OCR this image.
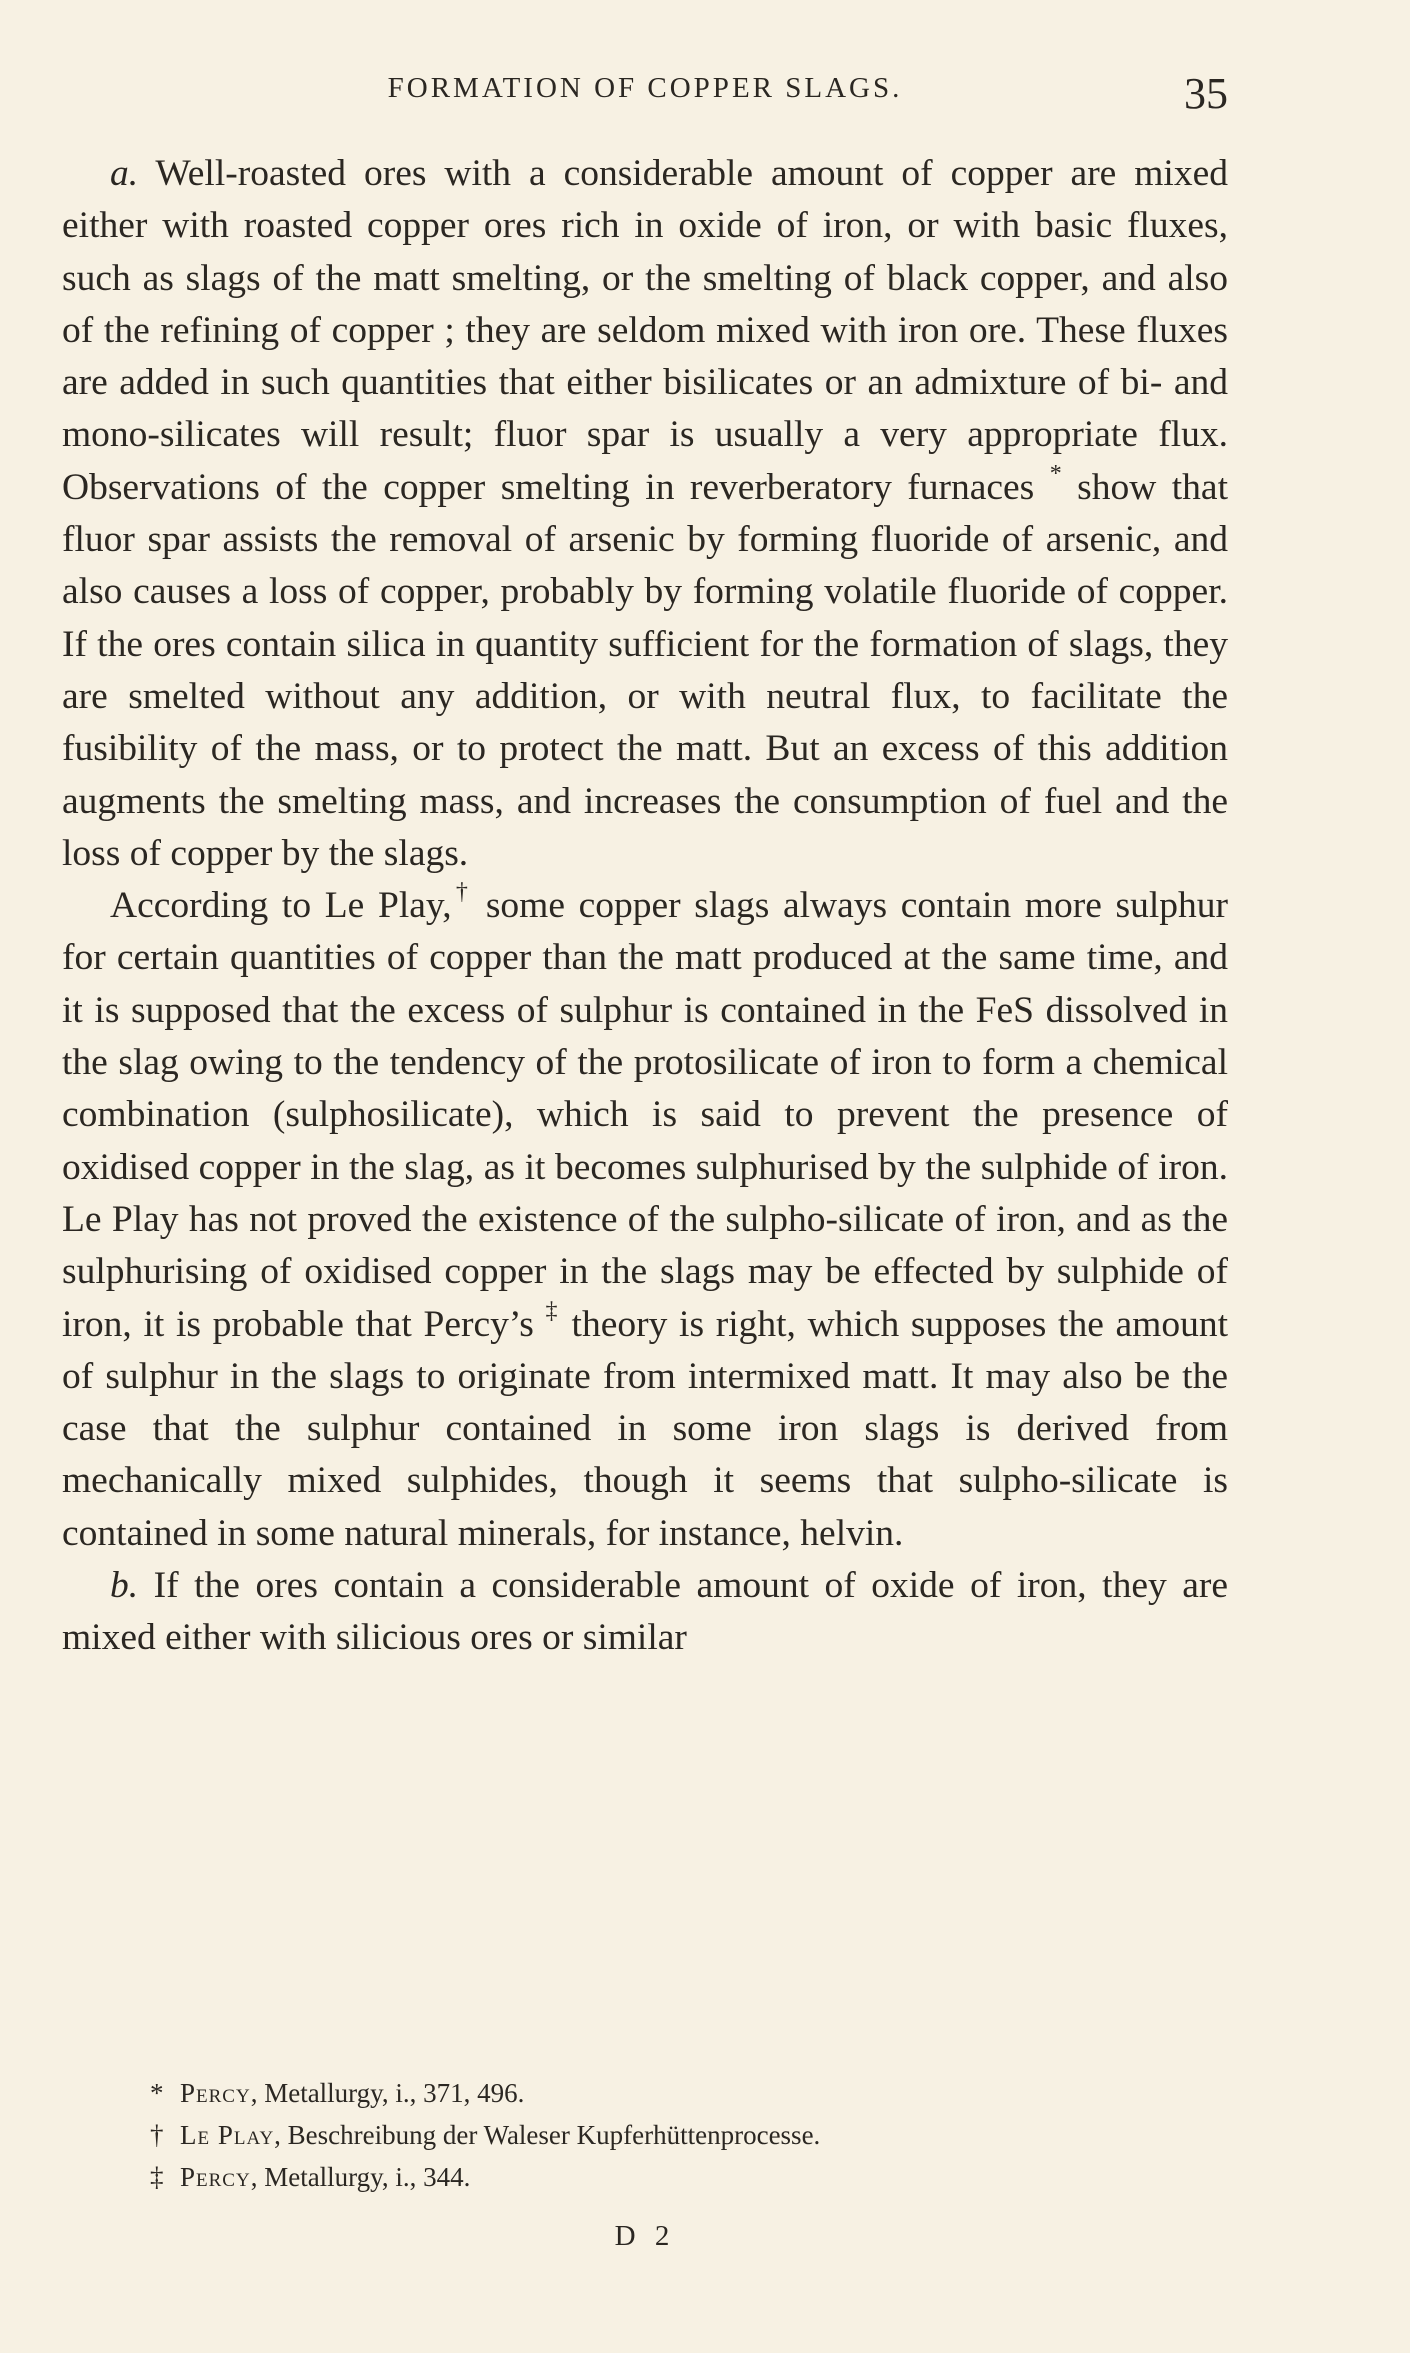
FORMATION OF COPPER SLAGS.	35

a. Well-roasted ores with a considerable amount of copper are mixed either with roasted copper ores rich in oxide of iron, or with basic fluxes, such as slags of the matt smelting, or the smelting of black copper, and also of the refining of copper ; they are seldom mixed with iron ore. These fluxes are added in such quantities that either bisilicates or an admixture of bi- and mono-silicates will result; fluor spar is usually a very appropriate flux. Observations of the copper smelting in reverberatory furnaces * show that fluor spar assists the removal of arsenic by forming fluoride of arsenic, and also causes a loss of copper, probably by forming volatile fluoride of copper. If the ores contain silica in quantity sufficient for the formation of slags, they are smelted without any addition, or with neutral flux, to facilitate the fusibility of the mass, or to protect the matt. But an excess of this addition augments the smelting mass, and increases the consumption of fuel and the loss of copper by the slags.

According to Le Play,† some copper slags always contain more sulphur for certain quantities of copper than the matt produced at the same time, and it is supposed that the excess of sulphur is contained in the FeS dissolved in the slag owing to the tendency of the protosilicate of iron to form a chemical combination (sulphosilicate), which is said to prevent the presence of oxidised copper in the slag, as it becomes sulphurised by the sulphide of iron. Le Play has not proved the existence of the sulpho-silicate of iron, and as the sulphurising of oxidised copper in the slags may be effected by sulphide of iron, it is probable that Percy’s ‡ theory is right, which supposes the amount of sulphur in the slags to originate from intermixed matt. It may also be the case that the sulphur contained in some iron slags is derived from mechanically mixed sulphides, though it seems that sulpho-silicate is contained in some natural minerals, for instance, helvin.

b. If the ores contain a considerable amount of oxide of iron, they are mixed either with silicious ores or similar

* Percy, Metallurgy, i., 371, 496.
† Le Play, Beschreibung der Waleser Kupferhüttenprocesse.
‡ Percy, Metallurgy, i., 344.
D 2
